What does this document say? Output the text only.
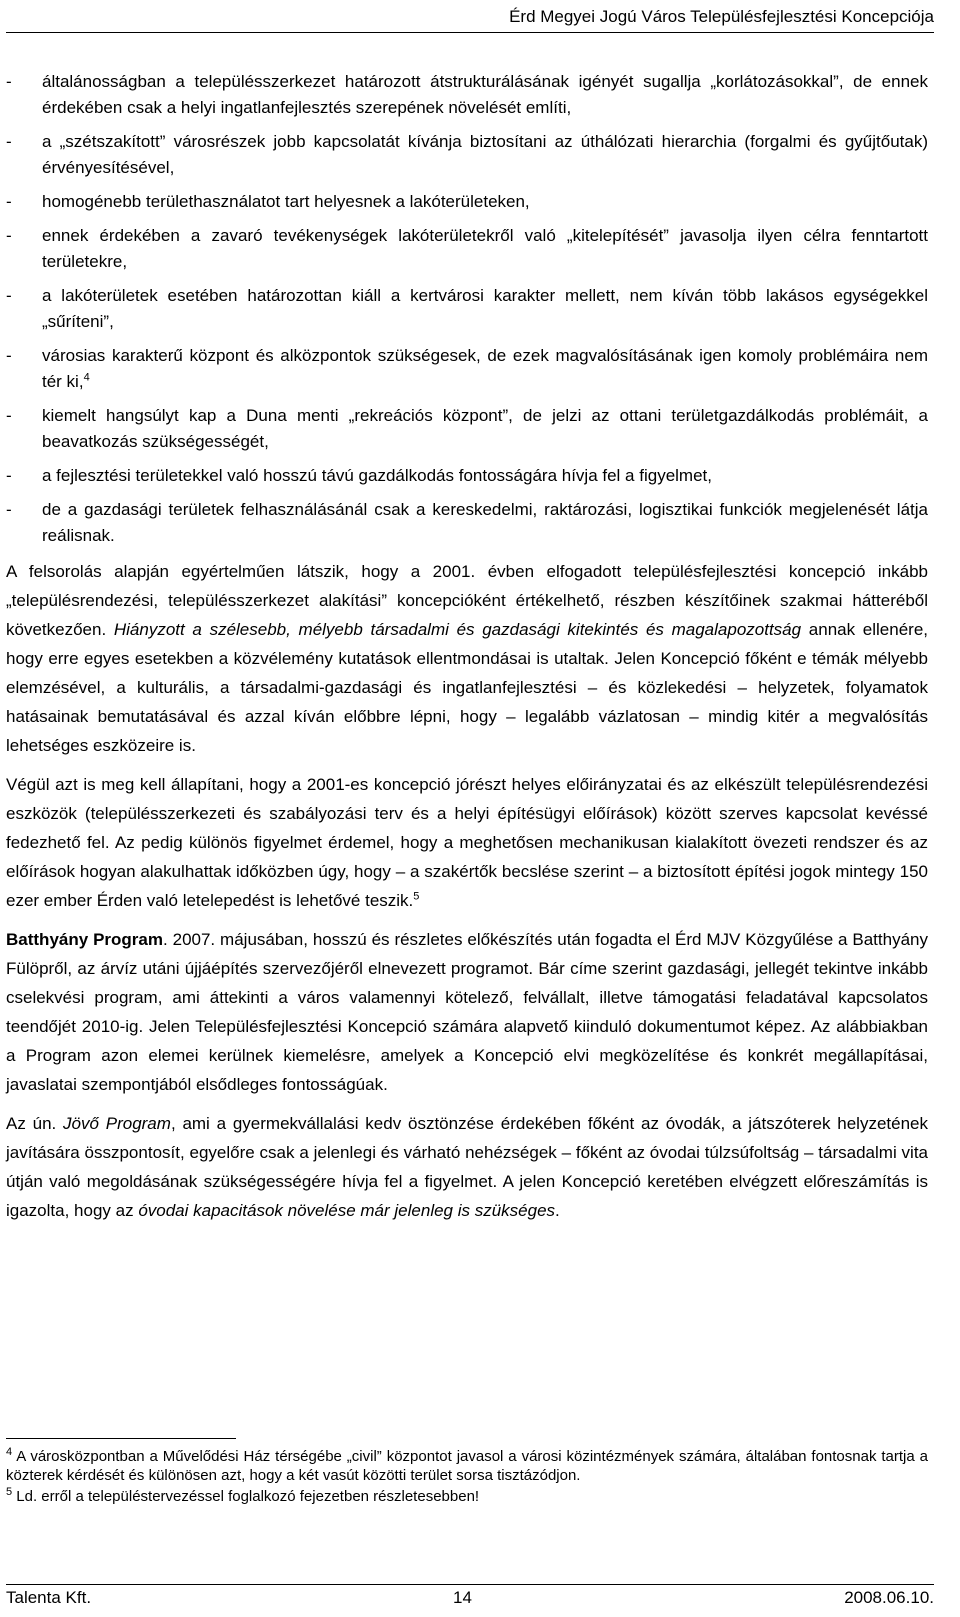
Érd Megyei Jogú Város Településfejlesztési Koncepciója
- általánosságban a településszerkezet határozott átstrukturálásának igényét sugallja „korlátozásokkal”, de ennek érdekében csak a helyi ingatlanfejlesztés szerepének növelését említi,
- a „szétszakított” városrészek jobb kapcsolatát kívánja biztosítani az úthálózati hierarchia (forgalmi és gyűjtőutak) érvényesítésével,
- homogénebb területhasználatot tart helyesnek a lakóterületeken,
- ennek érdekében a zavaró tevékenységek lakóterületekről való „kitelepítését” javasolja ilyen célra fenntartott területekre,
- a lakóterületek esetében határozottan kiáll a kertvárosi karakter mellett, nem kíván több lakásos egységekkel „sűríteni”,
- városias karakterű központ és alközpontok szükségesek, de ezek magvalósításának igen komoly problémáira nem tér ki,$^4$
- kiemelt hangsúlyt kap a Duna menti „rekreációs központ”, de jelzi az ottani területgazdálkodás problémáit, a beavatkozás szükségességét,
- a fejlesztési területekkel való hosszú távú gazdálkodás fontosságára hívja fel a figyelmet,
- de a gazdasági területek felhasználásánál csak a kereskedelmi, raktározási, logisztikai funkciók megjelenését látja reálisnak.

A felsorolás alapján egyértelműen látszik, hogy a 2001. évben elfogadott településfejlesztési koncepció inkább „településrendezési, településszerkezet alakítási” koncepcióként értékelhető, részben készítőinek szakmai hátteréből következően. Hiányzott a szélesebb, mélyebb társadalmi és gazdasági kitekintés és magalapozottság annak ellenére, hogy erre egyes esetekben a közvélemény kutatások ellentmondásai is utaltak. Jelen Koncepció főként e témák mélyebb elemzésével, a kulturális, a társadalmi-gazdasági és ingatlanfejlesztési – és közlekedési – helyzetek, folyamatok hatásainak bemutatásával és azzal kíván előbbre lépni, hogy – legalább vázlatosan – mindig kitér a megvalósítás lehetséges eszközeire is.

Végül azt is meg kell állapítani, hogy a 2001-es koncepció jórészt helyes előirányzatai és az elkészült településrendezési eszközök (településszerkezeti és szabályozási terv és a helyi építésügyi előírások) között szerves kapcsolat kevéssé fedezhető fel. Az pedig különös figyelmet érdemel, hogy a meghetősen mechanikusan kialakított övezeti rendszer és az előírások hogyan alakulhattak időközben úgy, hogy – a szakértők becslése szerint – a biztosított építési jogok mintegy 150 ezer ember Érden való letelepedést is lehetővé teszik.$^5$

Batthyány Program. 2007. májusában, hosszú és részletes előkészítés után fogadta el Érd MJV Közgyűlése a Batthyány Fülöpről, az árvíz utáni újjáépítés szervezőjéről elnevezett programot. Bár címe szerint gazdasági, jellegét tekintve inkább cselekvési program, ami áttekinti a város valamennyi kötelező, felvállalt, illetve támogatási feladatával kapcsolatos teendőjét 2010-ig. Jelen Településfejlesztési Koncepció számára alapvető kiinduló dokumentumot képez. Az alábbiakban a Program azon elemei kerülnek kiemelésre, amelyek a Koncepció elvi megközelítése és konkrét megállapításai, javaslatai szempontjából elsődleges fontosságúak.

Az ún. Jövő Program, ami a gyermekvállalási kedv ösztönzése érdekében főként az óvodák, a játszóterek helyzetének javítására összpontosít, egyelőre csak a jelenlegi és várható nehézségek – főként az óvodai túlzsúfoltság – társadalmi vita útján való megoldásának szükségességére hívja fel a figyelmet. A jelen Koncepció keretében elvégzett előreszámítás is igazolta, hogy az óvodai kapacitások növelése már jelenleg is szükséges.

$^4$ A városközpontban a Művelődési Ház térségébe „civil” központot javasol a városi közintézmények számára, általában fontosnak tartja a közterek kérdését és különösen azt, hogy a két vasút közötti terület sorsa tisztázódjon.

$^5$ Ld. erről a településtervezéssel foglalkozó fejezetben részletesebben!

Talenta Kft.	14	2008.06.10.
